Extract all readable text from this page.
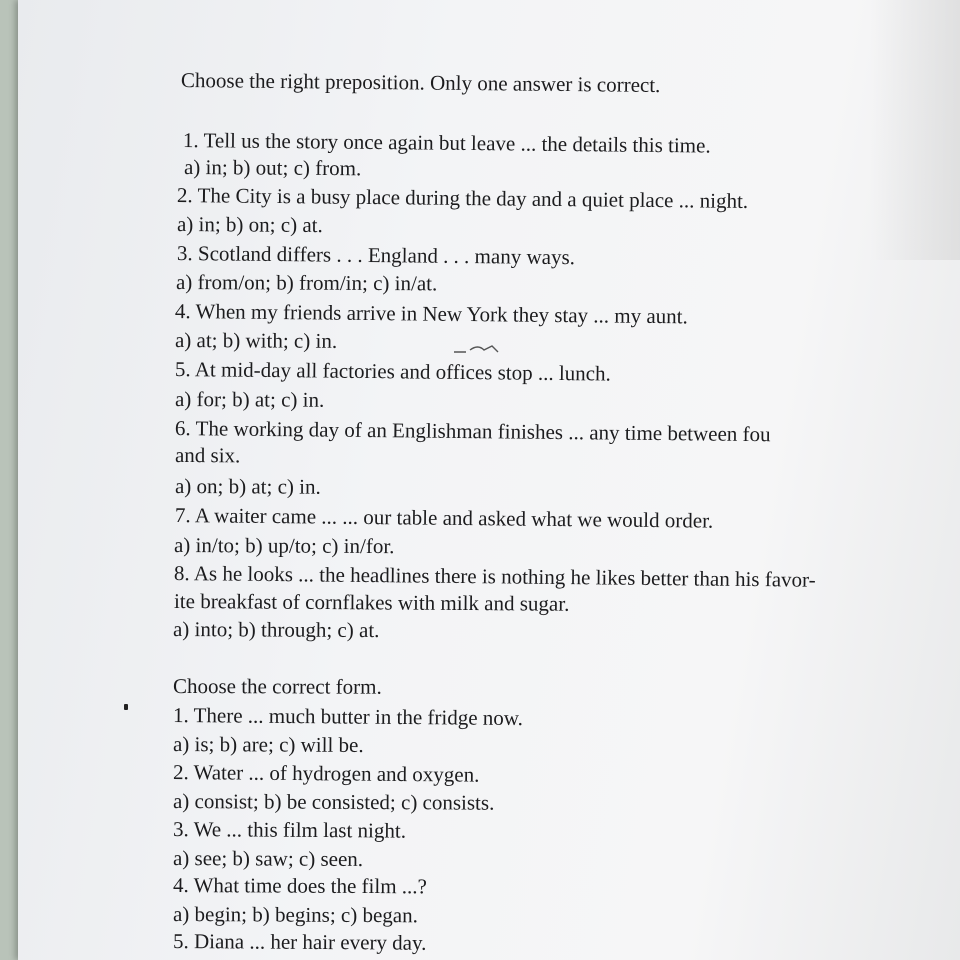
Choose the right preposition. Only one answer is correct.
1. Tell us the story once again but leave ... the details this time.
a) in; b) out; c) from.
2. The City is a busy place during the day and a quiet place ... night.
a) in; b) on; c) at.
3. Scotland differs . . . England . . . many ways.
a) from/on; b) from/in; c) in/at.
4. When my friends arrive in New York they stay ... my aunt.
a) at; b) with; c) in.
5. At mid-day all factories and offices stop ... lunch.
a) for; b) at; c) in.
6. The working day of an Englishman finishes ... any time between fou
and six.
a) on; b) at; c) in.
7. A waiter came ... ... our table and asked what we would order.
a) in/to; b) up/to; c) in/for.
8. As he looks ... the headlines there is nothing he likes better than his favor-
ite breakfast of cornflakes with milk and sugar.
a) into; b) through; c) at.
Choose the correct form.
1. There ... much butter in the fridge now.
a) is; b) are; c) will be.
2. Water ... of hydrogen and oxygen.
a) consist; b) be consisted; c) consists.
3. We ... this film last night.
a) see; b) saw; c) seen.
4. What time does the film ...?
a) begin; b) begins; c) began.
5. Diana ... her hair every day.
